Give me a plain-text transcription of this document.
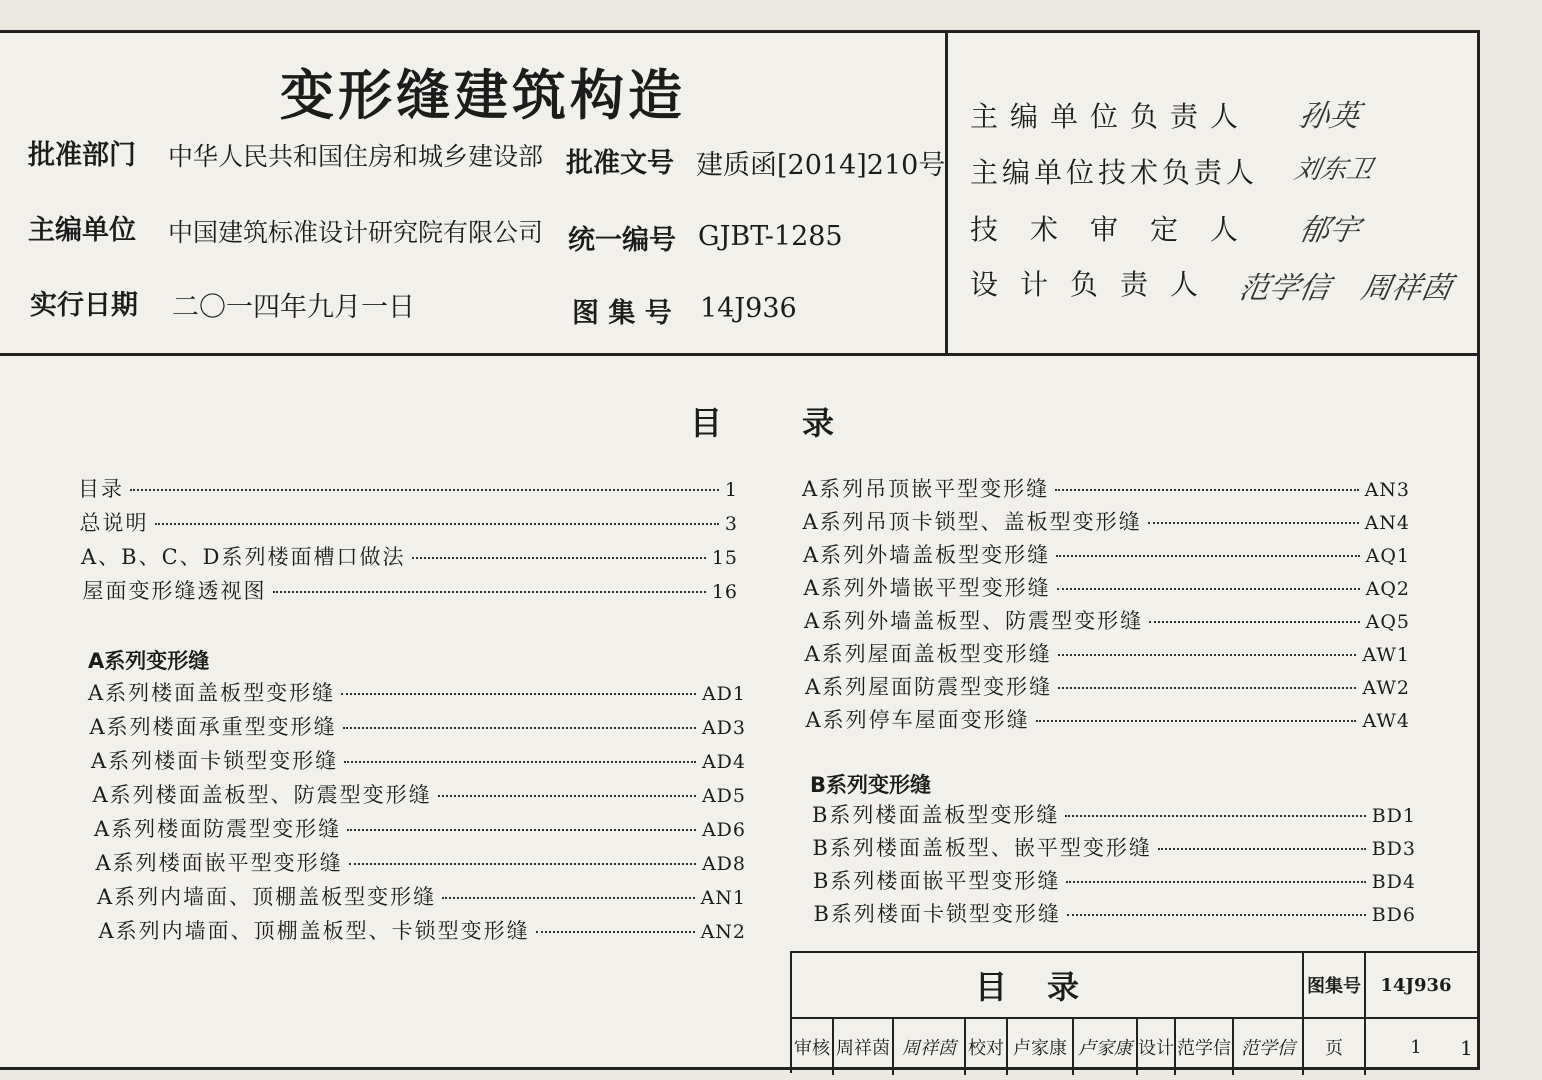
变形缝建筑构造
批准部门 中华人民共和国住房和城乡建设部 批准文号 建质函[2014]210号
主编单位 中国建筑标准设计研究院有限公司 统一编号 GJBT-1285
实行日期 二〇一四年九月一日	图 集 号 14J936
主编单位负责人 孙英
主编单位技术负责人 刘东卫
技术审定人 郁宇
设计负责人 范学信 周祥茵
目录
目录	1
总说明	3
A、B、C、D系列楼面槽口做法	15
屋面变形缝透视图	16
A系列变形缝
A系列楼面盖板型变形缝	AD1
A系列楼面承重型变形缝	AD3
A系列楼面卡锁型变形缝	AD4
A系列楼面盖板型、防震型变形缝	AD5
A系列楼面防震型变形缝	AD6
A系列楼面嵌平型变形缝	AD8
A系列内墙面、顶棚盖板型变形缝	AN1
A系列内墙面、顶棚盖板型、卡锁型变形缝	AN2
A系列吊顶嵌平型变形缝	AN3
A系列吊顶卡锁型、盖板型变形缝	AN4
A系列外墙盖板型变形缝	AQ1
A系列外墙嵌平型变形缝	AQ2
A系列外墙盖板型、防震型变形缝	AQ5
A系列屋面盖板型变形缝	AW1
A系列屋面防震型变形缝	AW2
A系列停车屋面变形缝	AW4
B系列变形缝
B系列楼面盖板型变形缝	BD1
B系列楼面盖板型、嵌平型变形缝	BD3
B系列楼面嵌平型变形缝	BD4
B系列楼面卡锁型变形缝	BD6
目录	图集号	14J936
审核 周祥茵 周祥茵 校对 卢家康 卢家康 设计 范学信 范学信	页	1	1
